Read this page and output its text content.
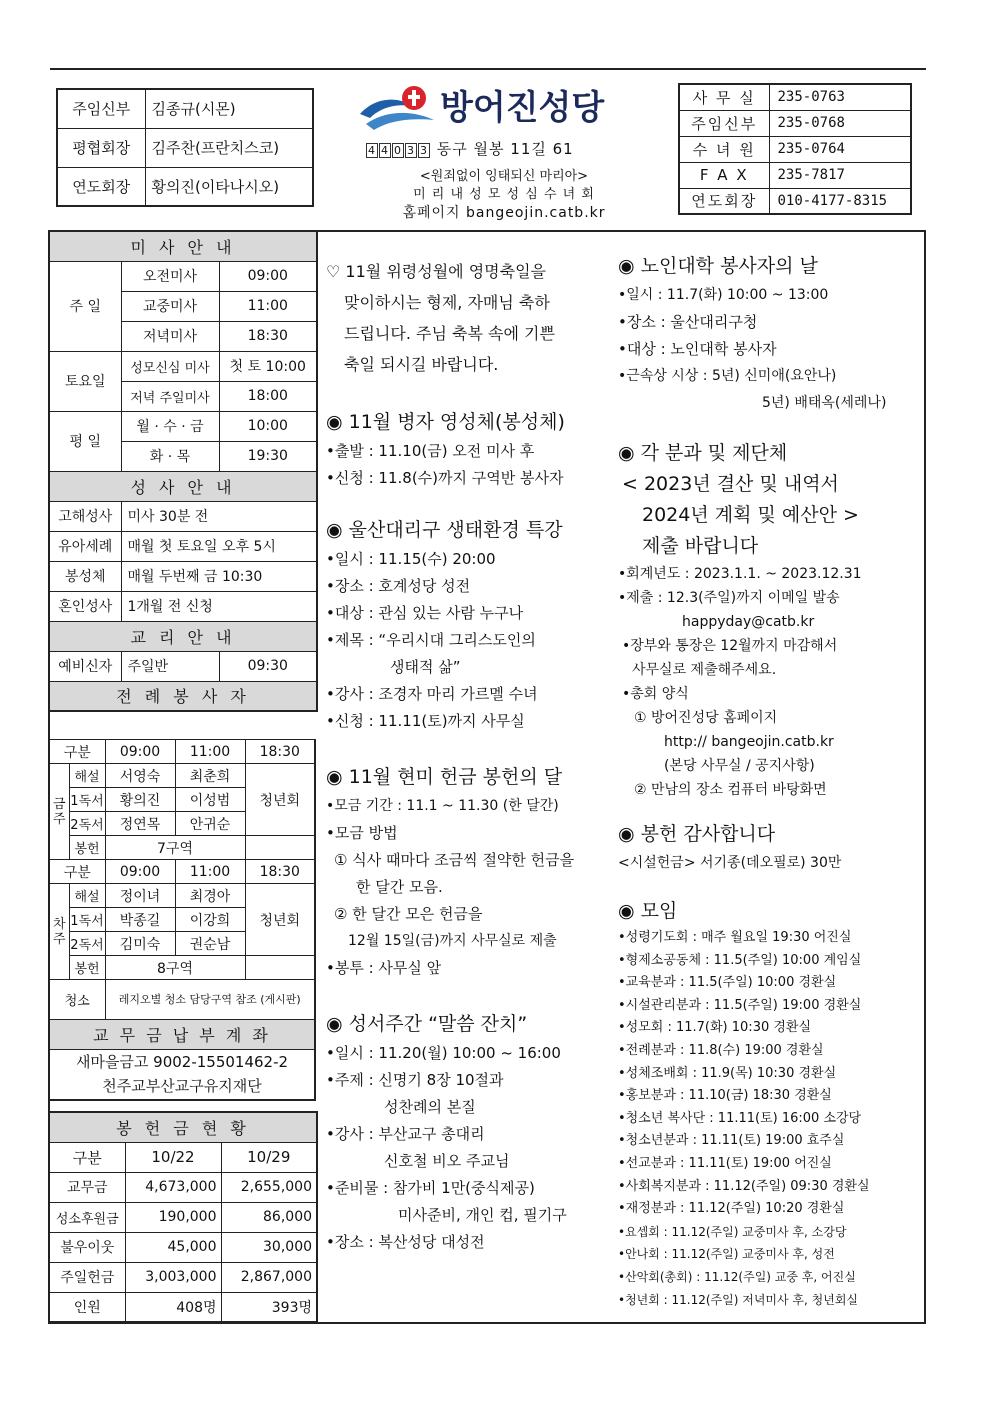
주임신부	김종규(시몬)
평협회장	김주찬(프란치스코)
연도회장	황의진(이타나시오)
방어진성당
4 4 0 3 3 동구 월봉 11길 61
<원죄없이 잉태되신 마리아>
미 리 내 성 모 성 심 수 녀 회
홈페이지 bangeojin.catb.kr
사 무 실	235-0763
주임신부	235-0768
수 녀 원	235-0764
F A X	235-7817
연도회장	010-4177-8315
미 사 안 내		
주 일	오전미사	09:00
	교중미사	11:00
	저녁미사	18:30
토요일	성모신심 미사	첫 토 10:00
	저녁 주일미사	18:00
평 일	월 · 수 · 금	10:00
	화 · 목	19:30
성 사 안 내		
고해성사	미사 30분 전	
유아세례	매월 첫 토요일 오후 5시	
봉성체	매월 두번째 금 10:30	
혼인성사	1개월 전 신청	
교 리 안 내		
예비신자	주일반	09:30
전 례 봉 사 자		
구분		09:00	11:00	18:30
금주	해설	서영숙	최춘희	청년회
	1독서	황의진	이성범	
	2독서	정연목	안귀순	
	봉헌	7구역		
구분		09:00	11:00	18:30
차주	해설	정이녀	최경아	청년회
	1독서	박종길	이강희	
	2독서	김미숙	권순남	
	봉헌	8구역		
청소		레지오별 청소 담당구역 참조 (게시판)		
교 무 금 납 부 계 좌				

새마을금고 9002-15501462-2
천주교부산교구유지재단				
봉 헌 금 현 황		
구분	10/22	10/29
교무금	4,673,000	2,655,000
성소후원금	190,000	86,000
불우이웃	45,000	30,000
주일헌금	3,003,000	2,867,000
인원	408명	393명
♡ 11월 위령성월에 영명축일을
맞이하시는 형제, 자매님 축하
드립니다. 주님 축복 속에 기쁜
축일 되시길 바랍니다.
◉ 11월 병자 영성체(봉성체)
•출발 : 11.10(금) 오전 미사 후
•신청 : 11.8(수)까지 구역반 봉사자
◉ 울산대리구 생태환경 특강
•일시 : 11.15(수) 20:00
•장소 : 호계성당 성전
•대상 : 관심 있는 사람 누구나
•제목 : “우리시대 그리스도인의
생태적 삶”
•강사 : 조경자 마리 가르멜 수녀
•신청 : 11.11(토)까지 사무실
◉ 11월 현미 헌금 봉헌의 달
•모금 기간 : 11.1 ~ 11.30 (한 달간)
•모금 방법
① 식사 때마다 조금씩 절약한 헌금을
한 달간 모음.
② 한 달간 모은 헌금을
12월 15일(금)까지 사무실로 제출
•봉투 : 사무실 앞
◉ 성서주간 “말씀 잔치”
•일시 : 11.20(월) 10:00 ~ 16:00
•주제 : 신명기 8장 10절과
성찬례의 본질
•강사 : 부산교구 총대리
신호철 비오 주교님
•준비물 : 참가비 1만(중식제공)
미사준비, 개인 컵, 필기구
•장소 : 복산성당 대성전
◉ 노인대학 봉사자의 날
•일시 : 11.7(화) 10:00 ~ 13:00
•장소 : 울산대리구청
•대상 : 노인대학 봉사자
•근속상 시상 : 5년) 신미애(요안나)
5년) 배태옥(세레나)
◉ 각 분과 및 제단체
< 2023년 결산 및 내역서
2024년 계획 및 예산안 >
제출 바랍니다
•회계년도 : 2023.1.1. ~ 2023.12.31
•제출 : 12.3(주일)까지 이메일 발송
happyday@catb.kr
•장부와 통장은 12월까지 마감해서
사무실로 제출해주세요.
•총회 양식
① 방어진성당 홈페이지
http:// bangeojin.catb.kr
(본당 사무실 / 공지사항)
② 만남의 장소 컴퓨터 바탕화면
◉ 봉헌 감사합니다
<시설헌금> 서기종(데오필로) 30만
◉ 모임
•성령기도회 : 매주 월요일 19:30 어진실
•형제소공동체 : 11.5(주일) 10:00 계임실
•교육분과 : 11.5(주일) 10:00 경환실
•시설관리분과 : 11.5(주일) 19:00 경환실
•성모회 : 11.7(화) 10:30 경환실
•전례분과 : 11.8(수) 19:00 경환실
•성체조배회 : 11.9(목) 10:30 경환실
•홍보분과 : 11.10(금) 18:30 경환실
•청소년 복사단 : 11.11(토) 16:00 소강당
•청소년분과 : 11.11(토) 19:00 효주실
•선교분과 : 11.11(토) 19:00 어진실
•사회복지분과 : 11.12(주일) 09:30 경환실
•재정분과 : 11.12(주일) 10:20 경환실
•요셉회 : 11.12(주일) 교중미사 후, 소강당
•안나회 : 11.12(주일) 교중미사 후, 성전
•산악회(총회) : 11.12(주일) 교중 후, 어진실
•청년회 : 11.12(주일) 저녁미사 후, 청년회실
